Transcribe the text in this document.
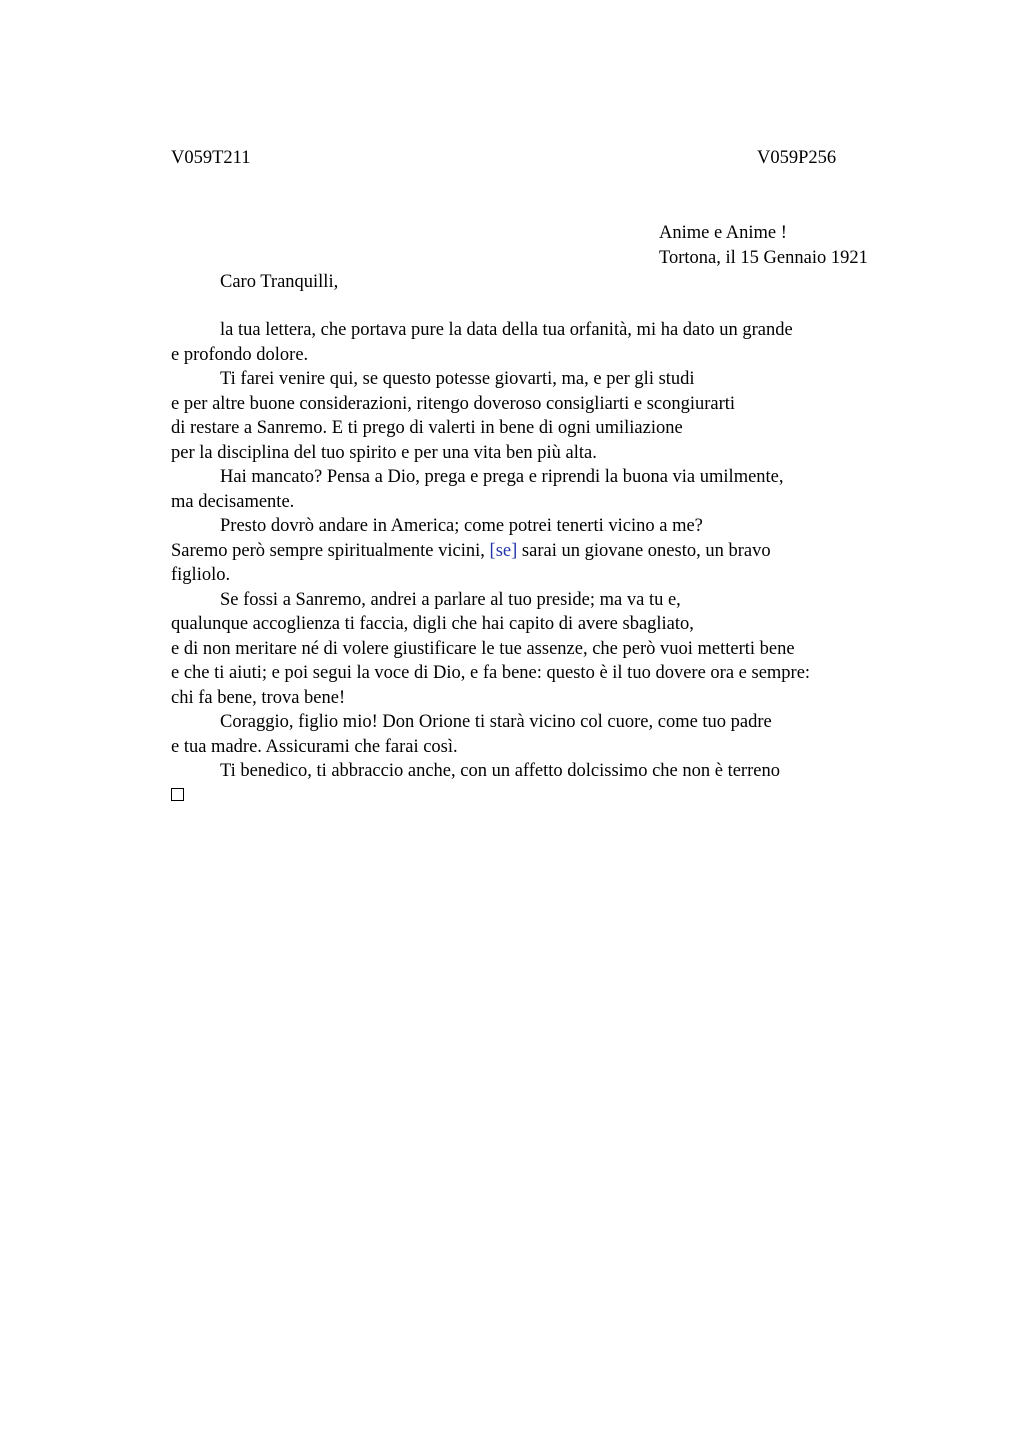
V059T211	V059P256
Anime e Anime !
Tortona, il 15 Gennaio 1921
Caro Tranquilli,
la tua lettera, che portava pure la data della tua orfanità, mi ha dato un grande
e profondo dolore.
Ti farei venire qui, se questo potesse giovarti, ma, e per gli studi
e per altre buone considerazioni, ritengo doveroso consigliarti e scongiurarti
di restare a Sanremo. E ti prego di valerti in bene di ogni umiliazione
per la disciplina del tuo spirito e per una vita ben più alta.
Hai mancato? Pensa a Dio, prega e prega e riprendi la buona via umilmente,
ma decisamente.
Presto dovrò andare in America; come potrei tenerti vicino a me?
Saremo però sempre spiritualmente vicini, [se] sarai un giovane onesto, un bravo
figliolo.
Se fossi a Sanremo, andrei a parlare al tuo preside; ma va tu e,
qualunque accoglienza ti faccia, digli che hai capito di avere sbagliato,
e di non meritare né di volere giustificare le tue assenze, che però vuoi metterti bene
e che ti aiuti; e poi segui la voce di Dio, e fa bene: questo è il tuo dovere ora e sempre:
chi fa bene, trova bene!
Coraggio, figlio mio! Don Orione ti starà vicino col cuore, come tuo padre
e tua madre. Assicurami che farai così.
Ti benedico, ti abbraccio anche, con un affetto dolcissimo che non è terreno
